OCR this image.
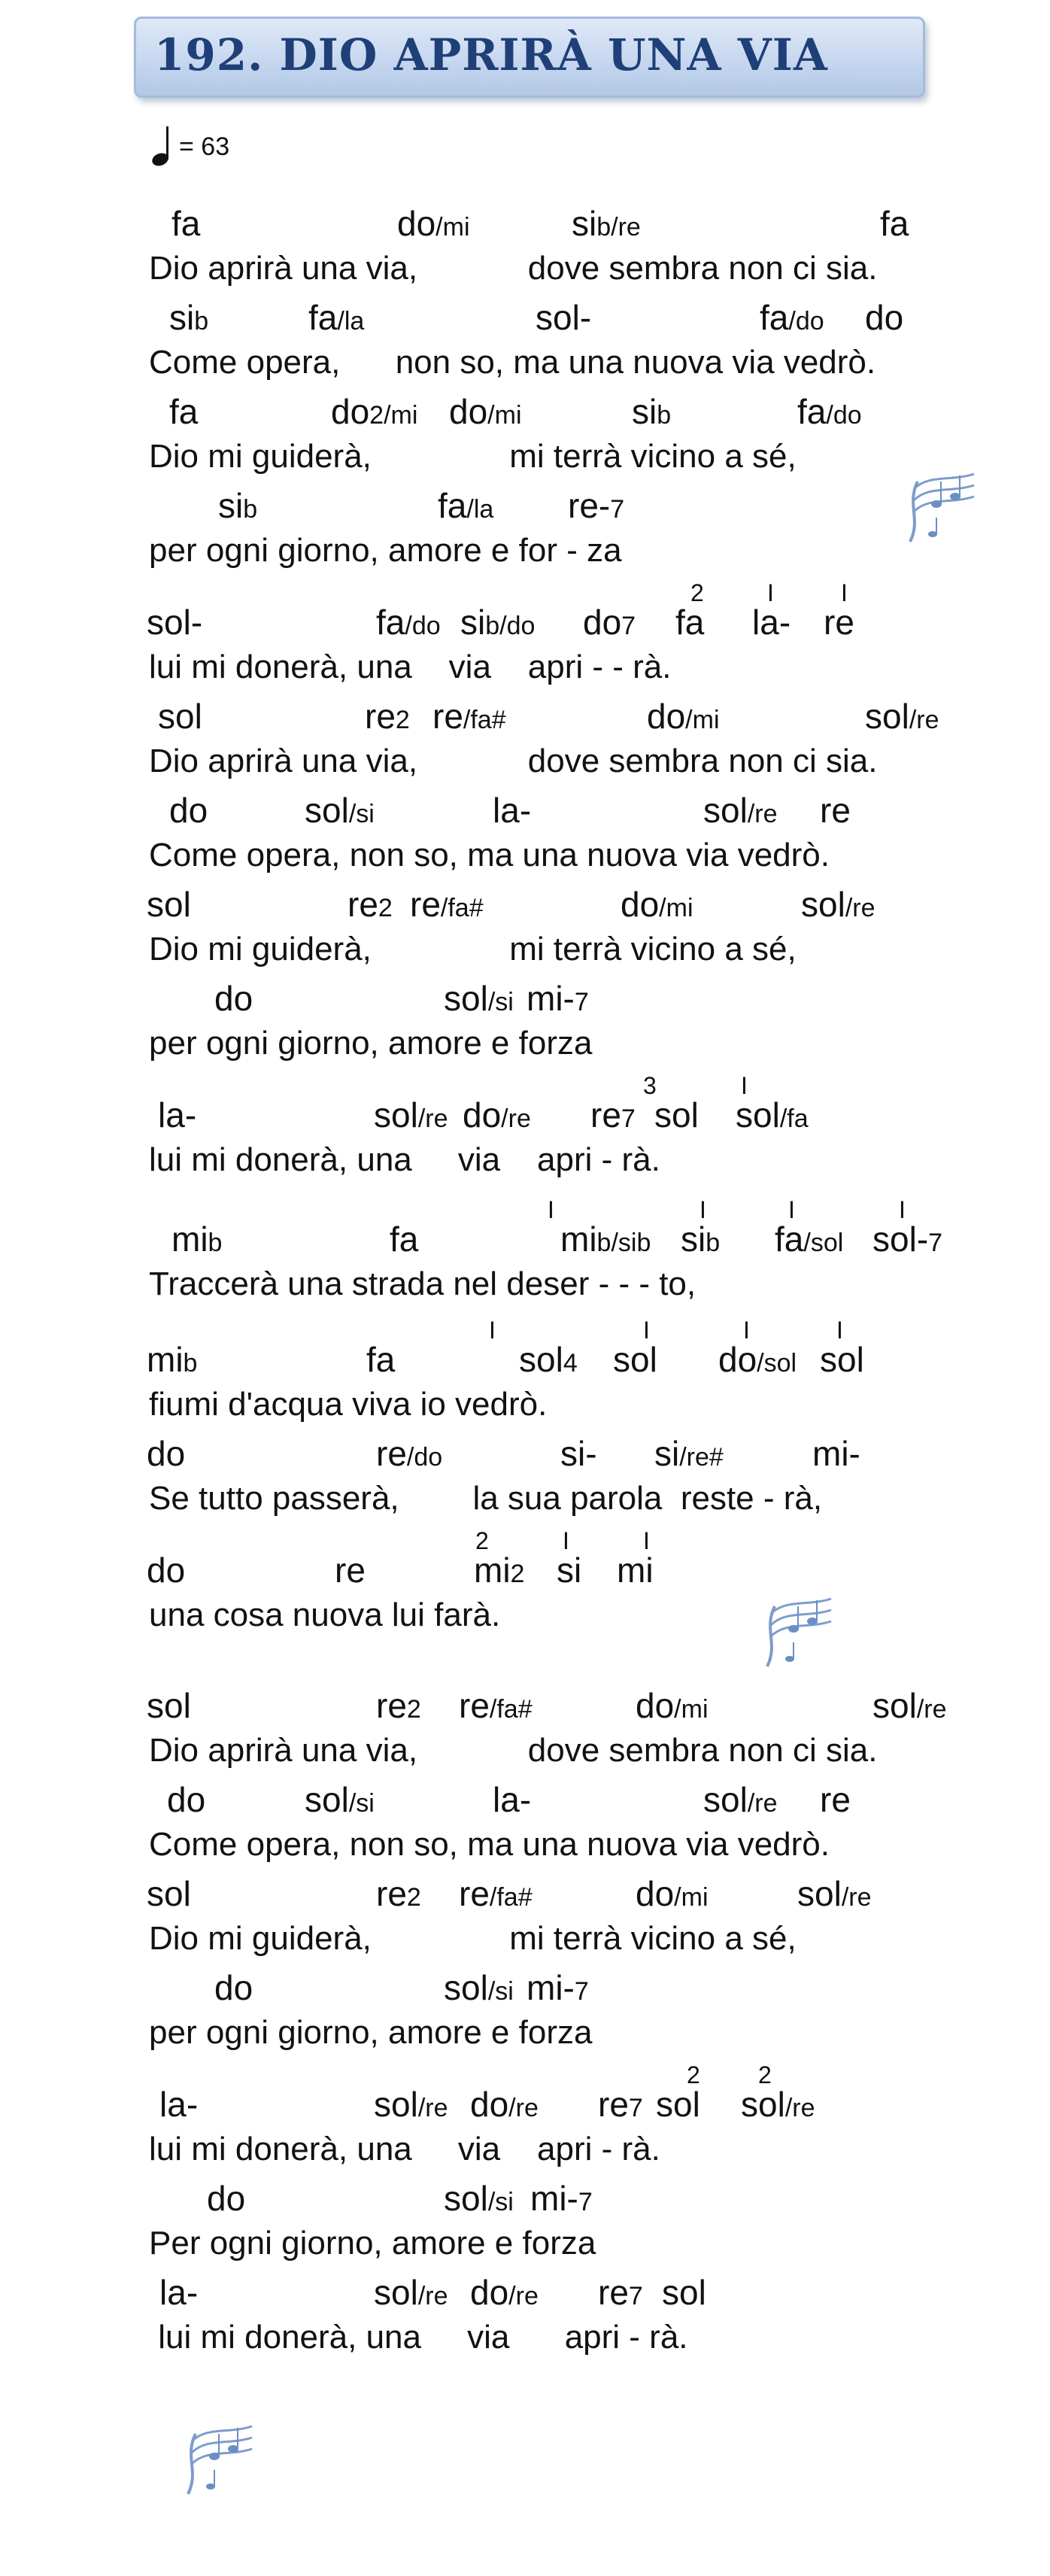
192. DIO APRIRÀ UNA VIA
= 63
fa	do/mi	sib/re	fa
Dio aprirà una via,            dove sembra non ci sia.
sib	fa/la	sol-	fa/do do
Come opera,      non so, ma una nuova via vedrò.
fa	do2/mi do/mi	sib	fa/do
Dio mi guiderà,               mi terrà vicino a sé,
sib	fa/la re-7
per ogni giorno, amore e for - za
2	I	I
sol-	fa/do sib/do do7 fa la- re
lui mi donerà, una    via    apri - - rà.
sol	re2 re/fa#	do/mi	sol/re
Dio aprirà una via,            dove sembra non ci sia.
do	sol/si	la-	sol/re re
Come opera, non so, ma una nuova via vedrò.
sol	re2 re/fa#	do/mi	sol/re
Dio mi guiderà,               mi terrà vicino a sé,
do	sol/si mi-7
per ogni giorno, amore e forza
3	I
la-	sol/re do/re re7 sol sol/fa
lui mi donerà, una     via    apri - rà.
I	I	I	I
mib	fa	mib/sib sib fa/sol sol-7
Traccerà una strada nel deser - - - to,
I	I	I	I
mib	fa	sol4 sol do/sol sol
fiumi d'acqua viva io vedrò.
do	re/do	si- si/re#	mi-
Se tutto passerà,        la sua parola  reste - rà,
2	I	I
do	re	mi2 si mi
una cosa nuova lui farà.
sol	re2 re/fa#	do/mi	sol/re
Dio aprirà una via,            dove sembra non ci sia.
do	sol/si	la-	sol/re re
Come opera, non so, ma una nuova via vedrò.
sol	re2 re/fa#	do/mi	sol/re
Dio mi guiderà,               mi terrà vicino a sé,
do	sol/si mi-7
per ogni giorno, amore e forza
2 2
la-	sol/re do/re re7 sol sol/re
lui mi donerà, una     via    apri - rà.
do	sol/si mi-7
Per ogni giorno, amore e forza
la-	sol/re do/re re7 sol
lui mi donerà, una     via      apri - rà.
